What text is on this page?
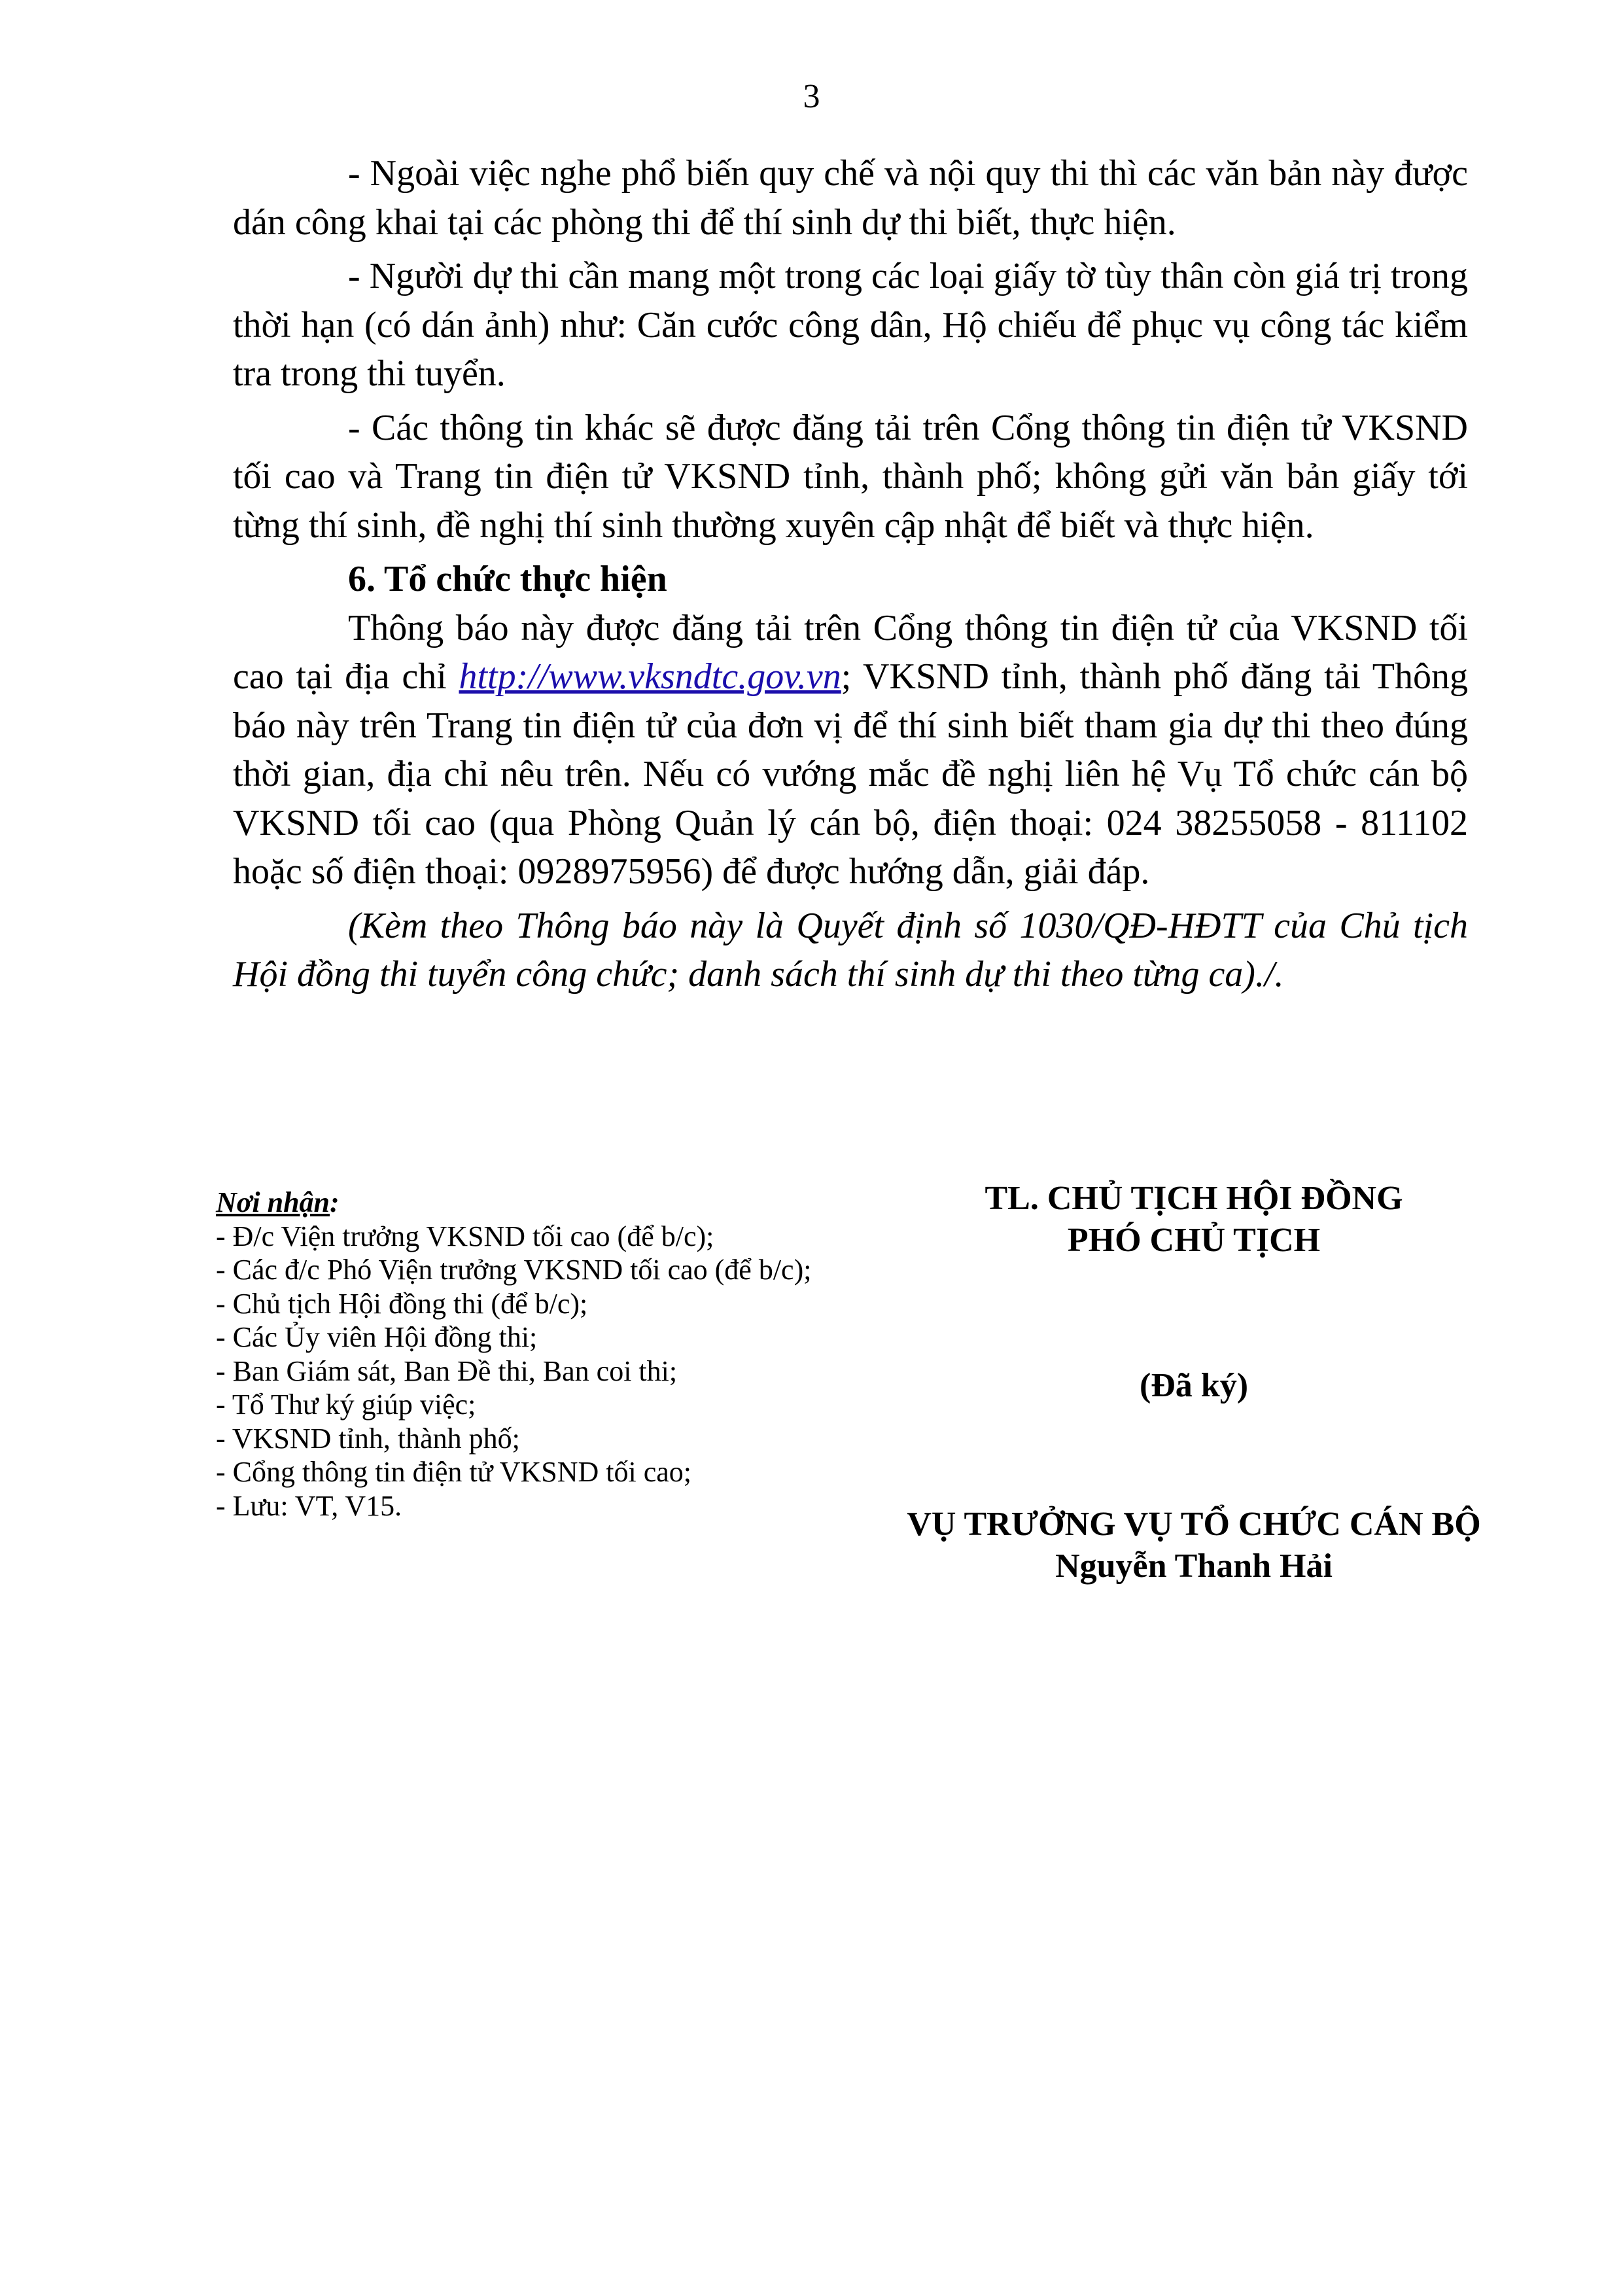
3

- Ngoài việc nghe phổ biến quy chế và nội quy thi thì các văn bản này được dán công khai tại các phòng thi để thí sinh dự thi biết, thực hiện.

- Người dự thi cần mang một trong các loại giấy tờ tùy thân còn giá trị trong thời hạn (có dán ảnh) như: Căn cước công dân, Hộ chiếu để phục vụ công tác kiểm tra trong thi tuyển.

- Các thông tin khác sẽ được đăng tải trên Cổng thông tin điện tử VKSND tối cao và Trang tin điện tử VKSND tỉnh, thành phố; không gửi văn bản giấy tới từng thí sinh, đề nghị thí sinh thường xuyên cập nhật để biết và thực hiện.

6. Tổ chức thực hiện

Thông báo này được đăng tải trên Cổng thông tin điện tử của VKSND tối cao tại địa chỉ http://www.vksndtc.gov.vn; VKSND tỉnh, thành phố đăng tải Thông báo này trên Trang tin điện tử của đơn vị để thí sinh biết tham gia dự thi theo đúng thời gian, địa chỉ nêu trên. Nếu có vướng mắc đề nghị liên hệ Vụ Tổ chức cán bộ VKSND tối cao (qua Phòng Quản lý cán bộ, điện thoại: 024 38255058 - 811102 hoặc số điện thoại: 0928975956) để được hướng dẫn, giải đáp.

(Kèm theo Thông báo này là Quyết định số 1030/QĐ-HĐTT của Chủ tịch Hội đồng thi tuyển công chức; danh sách thí sinh dự thi theo từng ca)./.

Nơi nhận:
- Đ/c Viện trưởng VKSND tối cao (để b/c);
- Các đ/c Phó Viện trưởng VKSND tối cao (để b/c);
- Chủ tịch Hội đồng thi (để b/c);
- Các Ủy viên Hội đồng thi;
- Ban Giám sát, Ban Đề thi, Ban coi thi;
- Tổ Thư ký giúp việc;
- VKSND tỉnh, thành phố;
- Cổng thông tin điện tử VKSND tối cao;
- Lưu: VT, V15.
TL. CHỦ TỊCH HỘI ĐỒNG
PHÓ CHỦ TỊCH
(Đã ký)
VỤ TRƯỞNG VỤ TỔ CHỨC CÁN BỘ
Nguyễn Thanh Hải
